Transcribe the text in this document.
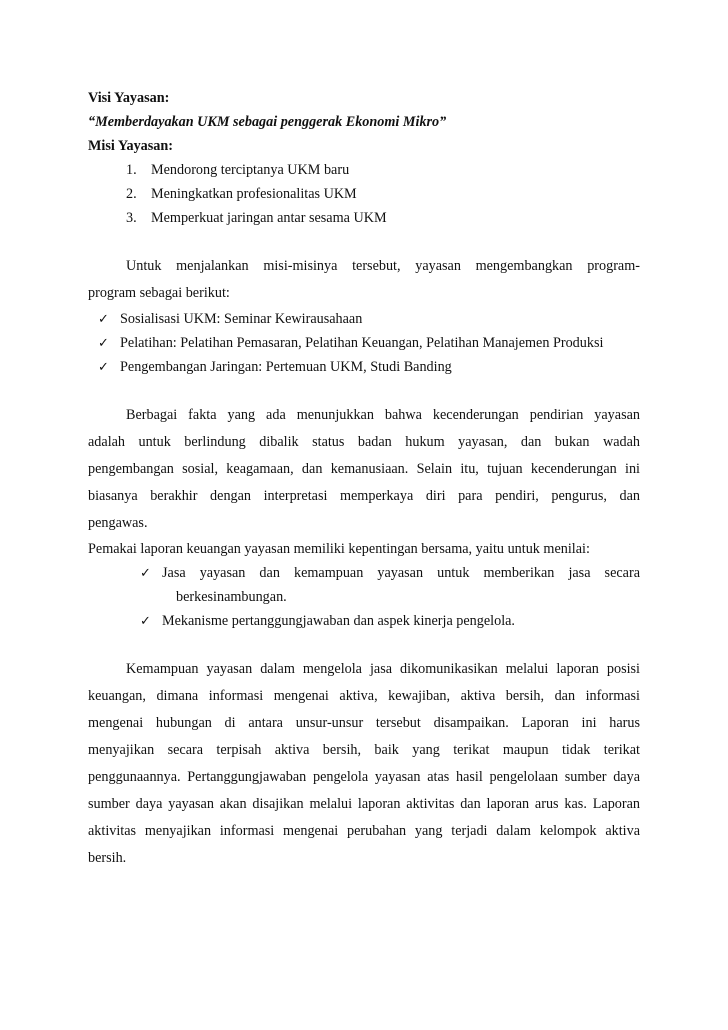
Visi Yayasan:
“Memberdayakan UKM sebagai penggerak Ekonomi Mikro”
Misi Yayasan:
1. Mendorong terciptanya UKM baru
2. Meningkatkan profesionalitas UKM
3. Memperkuat jaringan antar sesama UKM
Untuk menjalankan misi-misinya tersebut, yayasan mengembangkan program-
program sebagai berikut:
✓ Sosialisasi UKM: Seminar Kewirausahaan
✓ Pelatihan: Pelatihan Pemasaran, Pelatihan Keuangan, Pelatihan Manajemen Produksi
✓ Pengembangan Jaringan: Pertemuan UKM, Studi Banding
Berbagai fakta yang ada menunjukkan bahwa kecenderungan pendirian yayasan
adalah untuk berlindung dibalik status badan hukum yayasan, dan bukan wadah
pengembangan sosial, keagamaan, dan kemanusiaan. Selain itu, tujuan kecenderungan ini
biasanya berakhir dengan interpretasi memperkaya diri para pendiri, pengurus, dan
pengawas.
Pemakai laporan keuangan yayasan memiliki kepentingan bersama, yaitu untuk menilai:
✓ Jasa yayasan dan kemampuan yayasan untuk memberikan jasa secara
berkesinambungan.
✓ Mekanisme pertanggungjawaban dan aspek kinerja pengelola.
Kemampuan yayasan dalam mengelola jasa dikomunikasikan melalui laporan posisi
keuangan, dimana informasi mengenai aktiva, kewajiban, aktiva bersih, dan informasi
mengenai hubungan di antara unsur-unsur tersebut disampaikan. Laporan ini harus
menyajikan secara terpisah aktiva bersih, baik yang terikat maupun tidak terikat
penggunaannya. Pertanggungjawaban pengelola yayasan atas hasil pengelolaan sumber daya
sumber daya yayasan akan disajikan melalui laporan aktivitas dan laporan arus kas. Laporan
aktivitas menyajikan informasi mengenai perubahan yang terjadi dalam kelompok aktiva
bersih.
